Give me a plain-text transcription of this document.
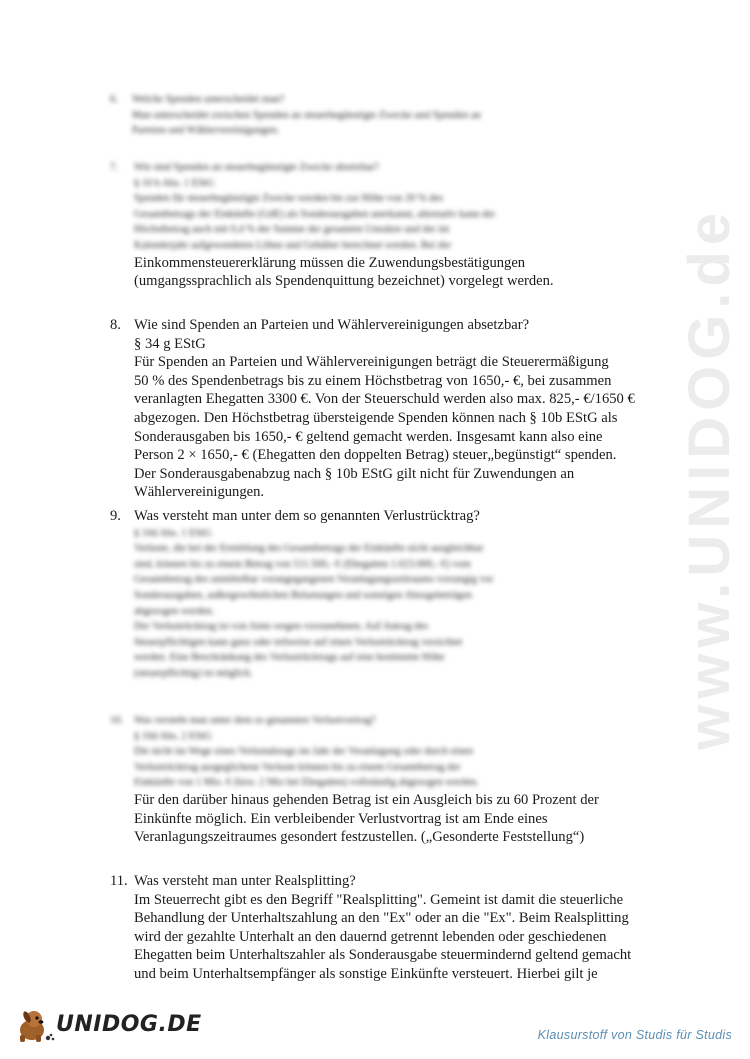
www.UNIDOG.de
6.	Welche Spenden unterscheidet man?
Man unterscheidet zwischen Spenden an steuerbegünstigte Zwecke und Spenden an
Parteien und Wählervereinigungen.
7.	Wie sind Spenden an steuerbegünstigte Zwecke absetzbar?
§ 10 b Abs. 1 EStG
Spenden für steuerbegünstigte Zwecke werden bis zur Höhe von 20 % des
Gesamtbetrags der Einkünfte (GdE) als Sonderausgaben anerkannt, alternativ kann der
Höchstbetrag auch mit 0,4 % der Summe der gesamten Umsätze und der im
Kalenderjahr aufgewendeten Löhne und Gehälter berechnet werden. Bei der
Einkommensteuererklärung müssen die Zuwendungsbestätigungen
(umgangssprachlich als Spendenquittung bezeichnet) vorgelegt werden.
8. Wie sind Spenden an Parteien und Wählervereinigungen absetzbar?
§ 34 g EStG
Für Spenden an Parteien und Wählervereinigungen beträgt die Steuerermäßigung
50 % des Spendenbetrags bis zu einem Höchstbetrag von 1650,- €, bei zusammen
veranlagten Ehegatten 3300 €. Von der Steuerschuld werden also max. 825,- €/1650 €
abgezogen. Den Höchstbetrag übersteigende Spenden können nach § 10b EStG als
Sonderausgaben bis 1650,- € geltend gemacht werden. Insgesamt kann also eine
Person 2 × 1650,- € (Ehegatten den doppelten Betrag) steuer„begünstigt“ spenden.
Der Sonderausgabenabzug nach § 10b EStG gilt nicht für Zuwendungen an
Wählervereinigungen.
9. Was versteht man unter dem so genannten Verlustrücktrag?
§ 10d Abs. 1 EStG
Verluste, die bei der Ermittlung des Gesamtbetrags der Einkünfte nicht ausgleichbar
sind, können bis zu einem Betrag von 511.500,- € (Ehegatten 1.023.000,- €) vom
Gesamtbetrag des unmittelbar vorangegangenen Veranlagungszeitraums vorrangig vor
Sonderausgaben, außergewöhnlichen Belastungen und sonstigen Abzugsbeträgen
abgezogen werden.
Der Verlustrücktrag ist von Amts wegen vorzunehmen. Auf Antrag des
Steuerpflichtigen kann ganz oder teilweise auf einen Verlustrücktrag verzichtet
werden. Eine Beschränkung des Verlustrücktrags auf eine bestimmte Höhe
(steuerpflichtig) ist möglich.
10.	Was versteht man unter dem so genannten Verlustvortrag?
§ 10d Abs. 2 EStG
Die nicht im Wege eines Verlustabzugs im Jahr der Veranlagung oder durch einen
Verlustrücktrag ausgeglichene Verluste können bis zu einem Gesamtbetrag der
Einkünfte von 1 Mio. € (bzw. 2 Mio bei Ehegatten) vollständig abgezogen werden.
Für den darüber hinaus gehenden Betrag ist ein Ausgleich bis zu 60 Prozent der
Einkünfte möglich. Ein verbleibender Verlustvortrag ist am Ende eines
Veranlagungszeitraumes gesondert festzustellen. („Gesonderte Feststellung“)
11. Was versteht man unter Realsplitting?
Im Steuerrecht gibt es den Begriff "Realsplitting". Gemeint ist damit die steuerliche
Behandlung der Unterhaltszahlung an den "Ex" oder an die "Ex". Beim Realsplitting
wird der gezahlte Unterhalt an den dauernd getrennt lebenden oder geschiedenen
Ehegatten beim Unterhaltszahler als Sonderausgabe steuermindernd geltend gemacht
und beim Unterhaltsempfänger als sonstige Einkünfte versteuert. Hierbei gilt je
UNIDOG.DE	Klausurstoff von Studis für Studis
